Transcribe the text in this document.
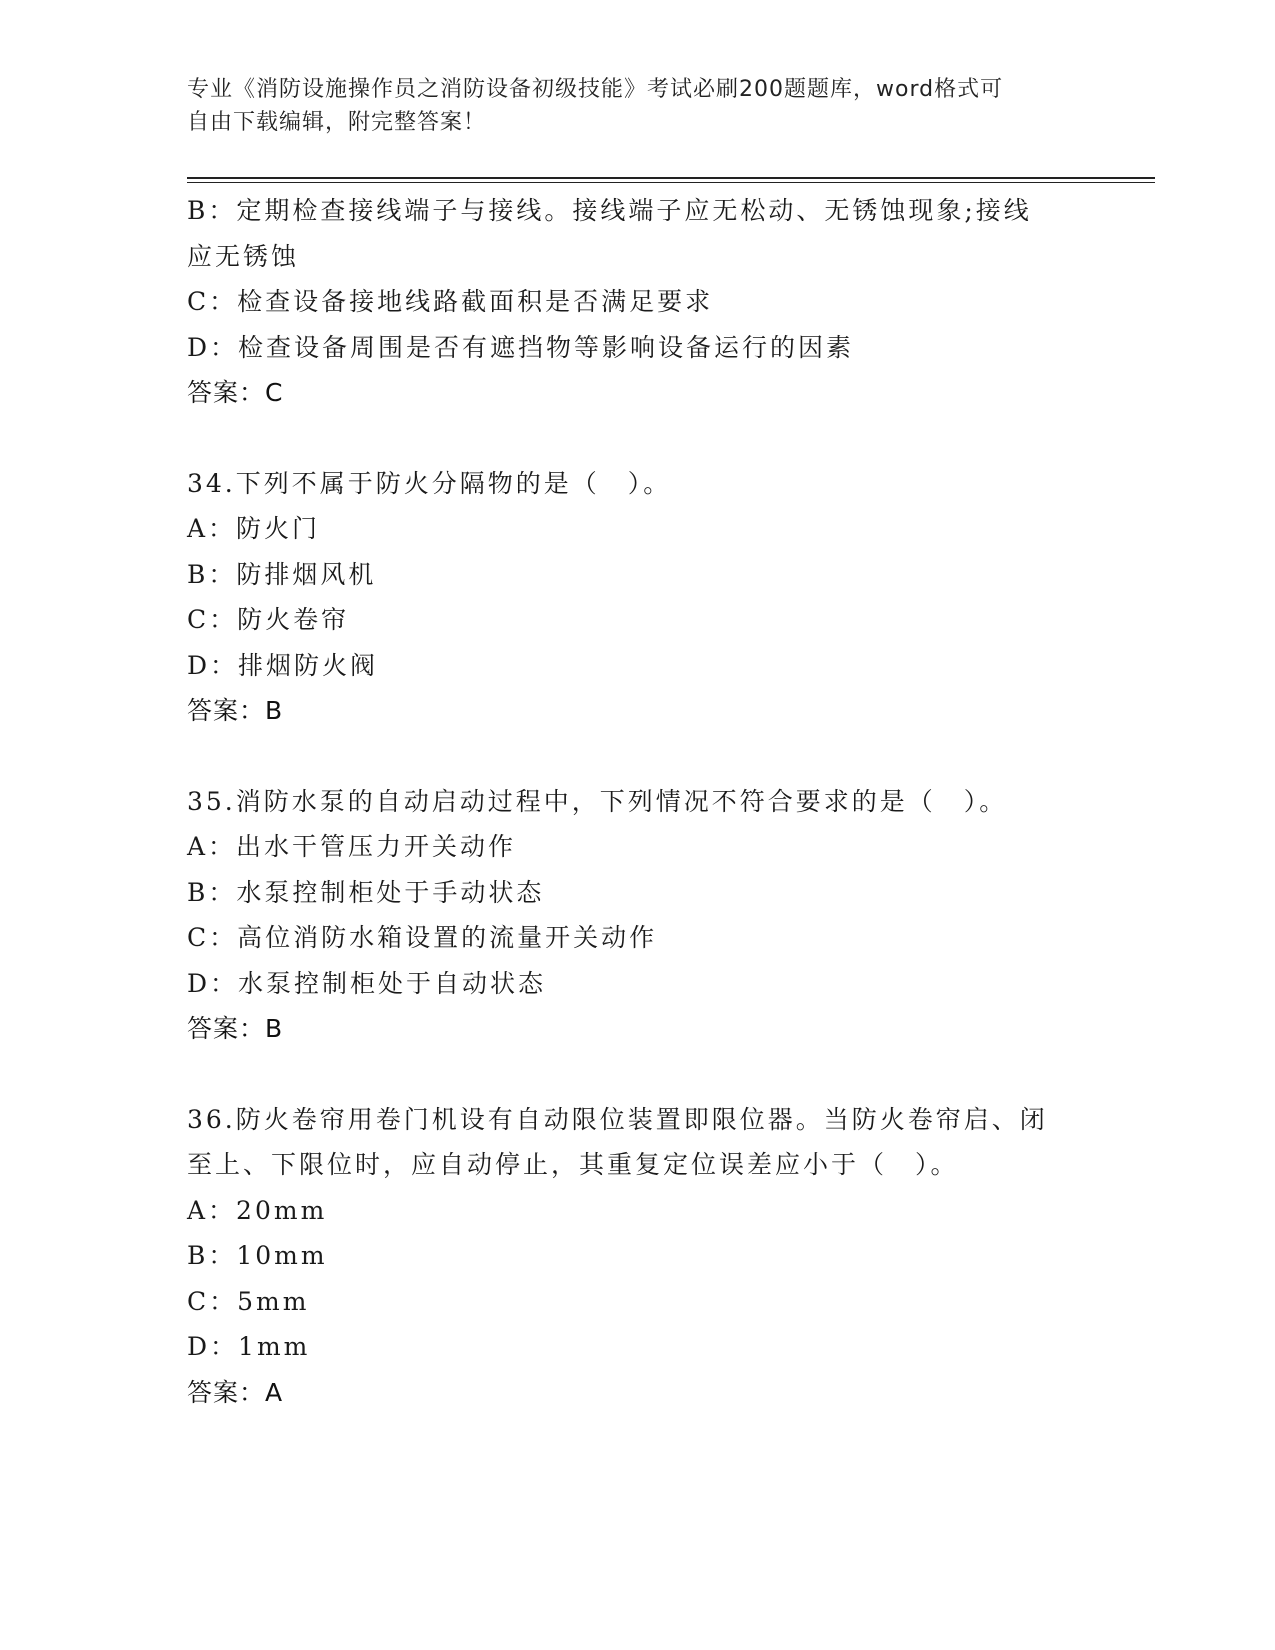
专业《消防设施操作员之消防设备初级技能》考试必刷200题题库，word格式可
自由下载编辑，附完整答案！
B：定期检查接线端子与接线。接线端子应无松动、无锈蚀现象;接线
应无锈蚀
C：检查设备接地线路截面积是否满足要求
D：检查设备周围是否有遮挡物等影响设备运行的因素
答案：C
34.下列不属于防火分隔物的是（　）。
A：防火门
B：防排烟风机
C：防火卷帘
D：排烟防火阀
答案：B
35.消防水泵的自动启动过程中，下列情况不符合要求的是（　）。
A：出水干管压力开关动作
B：水泵控制柜处于手动状态
C：高位消防水箱设置的流量开关动作
D：水泵控制柜处于自动状态
答案：B
36.防火卷帘用卷门机设有自动限位装置即限位器。当防火卷帘启、闭
至上、下限位时，应自动停止，其重复定位误差应小于（　）。
A：20mm
B：10mm
C：5mm
D：1mm
答案：A
